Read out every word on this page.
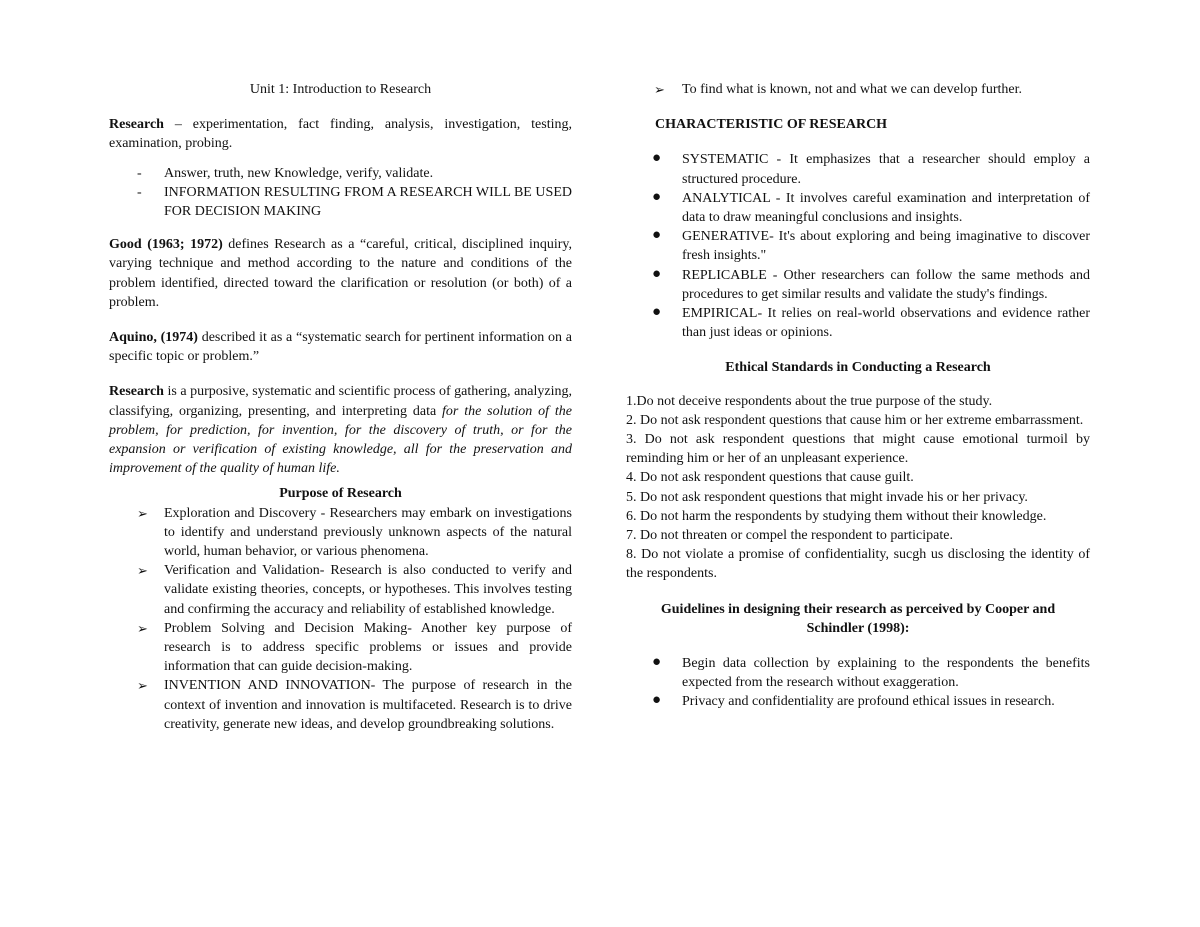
Unit 1: Introduction to Research

Research – experimentation, fact finding, analysis, investigation, testing, examination, probing.

- Answer, truth, new Knowledge, verify, validate.
- INFORMATION RESULTING FROM A RESEARCH WILL BE USED FOR DECISION MAKING

Good (1963; 1972) defines Research as a “careful, critical, disciplined inquiry, varying technique and method according to the nature and conditions of the problem identified, directed toward the clarification or resolution (or both) of a problem.

Aquino, (1974) described it as a “systematic search for pertinent information on a specific topic or problem.”

Research is a purposive, systematic and scientific process of gathering, analyzing, classifying, organizing, presenting, and interpreting data for the solution of the problem, for prediction, for invention, for the discovery of truth, or for the expansion or verification of existing knowledge, all for the preservation and improvement of the quality of human life.

Purpose of Research

➢ Exploration and Discovery - Researchers may embark on investigations to identify and understand previously unknown aspects of the natural world, human behavior, or various phenomena.
➢ Verification and Validation- Research is also conducted to verify and validate existing theories, concepts, or hypotheses. This involves testing and confirming the accuracy and reliability of established knowledge.
➢ Problem Solving and Decision Making- Another key purpose of research is to address specific problems or issues and provide information that can guide decision-making.
➢ INVENTION AND INNOVATION- The purpose of research in the context of invention and innovation is multifaceted. Research is to drive creativity, generate new ideas, and develop groundbreaking solutions.
➢ To find what is known, not and what we can develop further.

CHARACTERISTIC OF RESEARCH

● SYSTEMATIC - It emphasizes that a researcher should employ a structured procedure.
● ANALYTICAL - It involves careful examination and interpretation of data to draw meaningful conclusions and insights.
● GENERATIVE- It's about exploring and being imaginative to discover fresh insights."
● REPLICABLE - Other researchers can follow the same methods and procedures to get similar results and validate the study's findings.
● EMPIRICAL- It relies on real-world observations and evidence rather than just ideas or opinions.

Ethical Standards in Conducting a Research

1.Do not deceive respondents about the true purpose of the study.

2. Do not ask respondent questions that cause him or her extreme embarrassment.

3. Do not ask respondent questions that might cause emotional turmoil by reminding him or her of an unpleasant experience.

4. Do not ask respondent questions that cause guilt.

5. Do not ask respondent questions that might invade his or her privacy.

6. Do not harm the respondents by studying them without their knowledge.

7. Do not threaten or compel the respondent to participate.

8. Do not violate a promise of confidentiality, sucgh us disclosing the identity of the respondents.

Guidelines in designing their research as perceived by Cooper and Schindler (1998):

● Begin data collection by explaining to the respondents the benefits expected from the research without exaggeration.
● Privacy and confidentiality are profound ethical issues in research.
